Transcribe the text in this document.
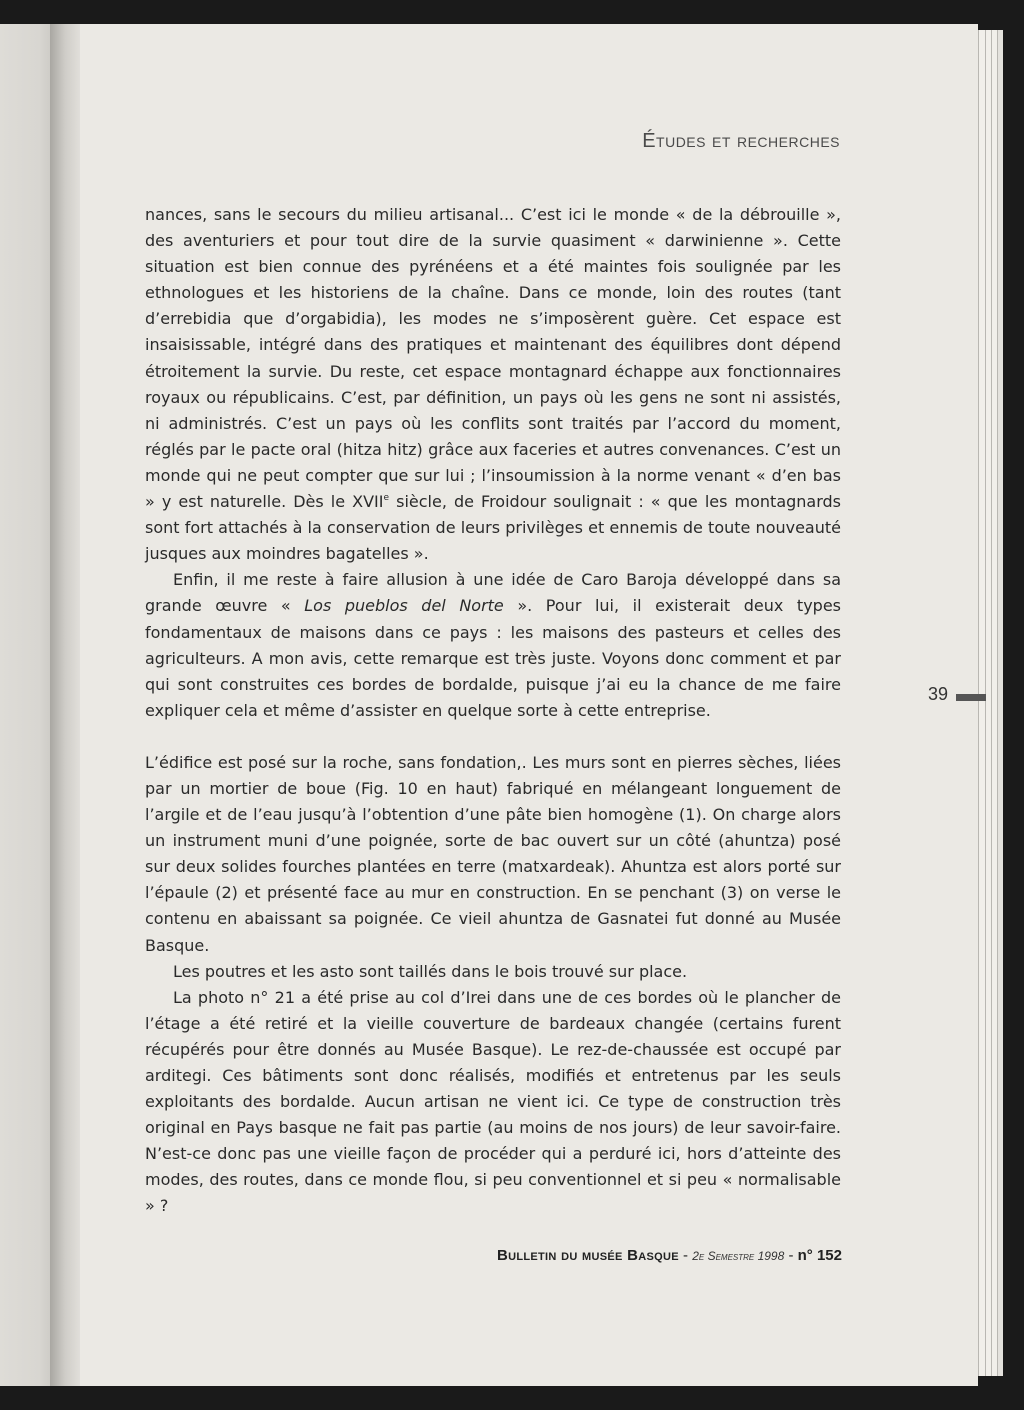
Études et recherches

nances, sans le secours du milieu artisanal... C’est ici le monde « de la débrouille », des aventuriers et pour tout dire de la survie quasiment « darwinienne ». Cette situation est bien connue des pyrénéens et a été maintes fois soulignée par les ethnologues et les historiens de la chaîne. Dans ce monde, loin des routes (tant d’errebidia que d’orgabidia), les modes ne s’imposèrent guère. Cet espace est insaisissable, intégré dans des pratiques et maintenant des équilibres dont dépend étroitement la survie. Du reste, cet espace montagnard échappe aux fonctionnaires royaux ou républicains. C’est, par définition, un pays où les gens ne sont ni assistés, ni administrés. C’est un pays où les conflits sont traités par l’accord du moment, réglés par le pacte oral (hitza hitz) grâce aux faceries et autres convenances. C’est un monde qui ne peut compter que sur lui ; l’insoumission à la norme venant « d’en bas » y est naturelle. Dès le XVIIe siècle, de Froidour soulignait : « que les montagnards sont fort attachés à la conservation de leurs privilèges et ennemis de toute nouveauté jusques aux moindres bagatelles ».

Enfin, il me reste à faire allusion à une idée de Caro Baroja développé dans sa grande œuvre « Los pueblos del Norte ». Pour lui, il existerait deux types fondamentaux de maisons dans ce pays : les maisons des pasteurs et celles des agriculteurs. A mon avis, cette remarque est très juste. Voyons donc comment et par qui sont construites ces bordes de bordalde, puisque j’ai eu la chance de me faire expliquer cela et même d’assister en quelque sorte à cette entreprise.

L’édifice est posé sur la roche, sans fondation,. Les murs sont en pierres sèches, liées par un mortier de boue (Fig. 10 en haut) fabriqué en mélangeant longuement de l’argile et de l’eau jusqu’à l’obtention d’une pâte bien homogène (1). On charge alors un instrument muni d’une poignée, sorte de bac ouvert sur un côté (ahuntza) posé sur deux solides fourches plantées en terre (matxardeak). Ahuntza est alors porté sur l’épaule (2) et présenté face au mur en construction. En se penchant (3) on verse le contenu en abaissant sa poignée. Ce vieil ahuntza de Gasnatei fut donné au Musée Basque.

Les poutres et les asto sont taillés dans le bois trouvé sur place.

La photo n° 21 a été prise au col d’Irei dans une de ces bordes où le plancher de l’étage a été retiré et la vieille couverture de bardeaux changée (certains furent récupérés pour être donnés au Musée Basque). Le rez-de-chaussée est occupé par arditegi. Ces bâtiments sont donc réalisés, modifiés et entretenus par les seuls exploitants des bordalde. Aucun artisan ne vient ici. Ce type de construction très original en Pays basque ne fait pas partie (au moins de nos jours) de leur savoir-faire. N’est-ce donc pas une vieille façon de procéder qui a perduré ici, hors d’atteinte des modes, des routes, dans ce monde flou, si peu conventionnel et si peu « normalisable » ?

39
Bulletin du musée Basque - 2e Semestre 1998 - n° 152
